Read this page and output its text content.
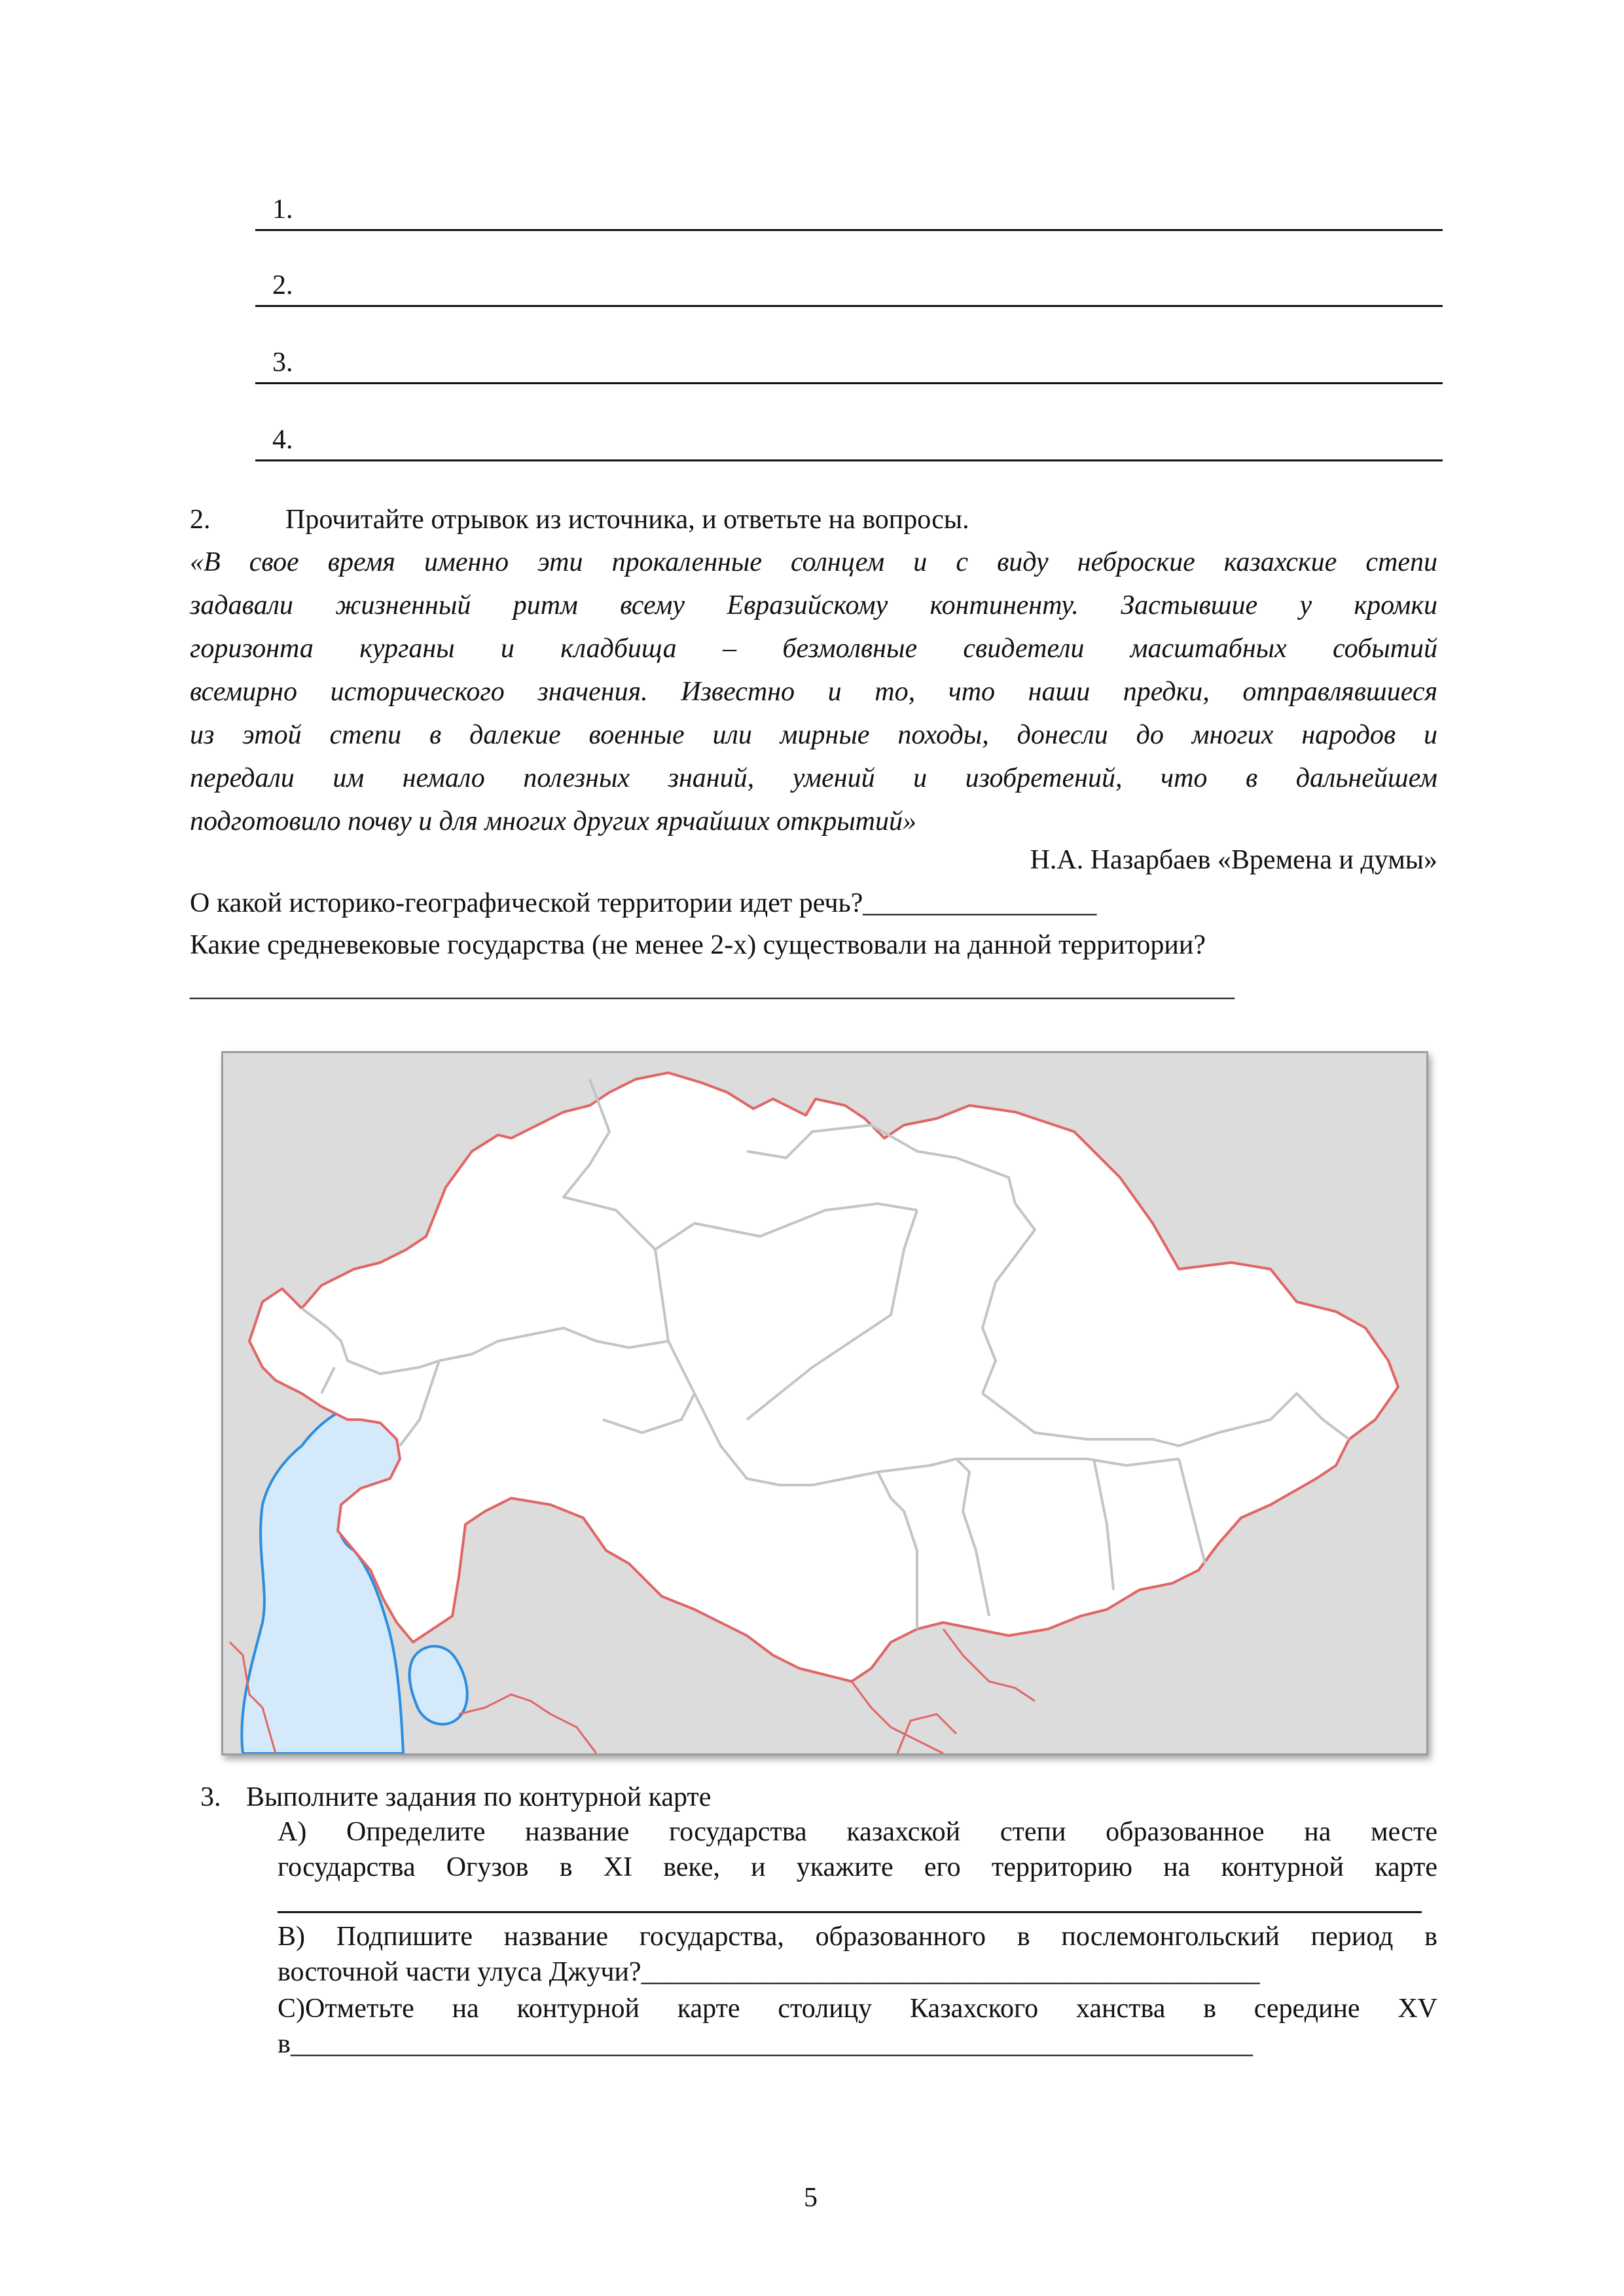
1.
2.
3.
4.
2.	Прочитайте отрывок из источника, и ответьте на вопросы.
«В свое время именно эти прокаленные солнцем и с виду неброские казахские степи
задавали жизненный ритм всему Евразийскому континенту. Застывшие у кромки
горизонта курганы и кладбища – безмолвные свидетели масштабных событий
всемирно исторического значения. Известно и то, что наши предки, отправлявшиеся
из этой степи в далекие военные или мирные походы, донесли до многих народов и
передали им немало полезных знаний, умений и изобретений, что в дальнейшем
подготовило почву и для многих других ярчайших открытий»
Н.А. Назарбаев «Времена и думы»
О какой историко-географической территории идет речь?_________________
Какие средневековые государства (не менее 2-х) существовали на данной территории?
____________________________________________________________________________
3. Выполните задания по контурной карте
А) Определите название государства казахской степи образованное на месте
государства Огузов в XI веке, и укажите его территорию на контурной карте
В) Подпишите название государства, образованного в послемонгольский период в
восточной части улуса Джучи?_____________________________________________
С)Отметьте на контурной карте столицу Казахского ханства в середине XV
в______________________________________________________________________
5
